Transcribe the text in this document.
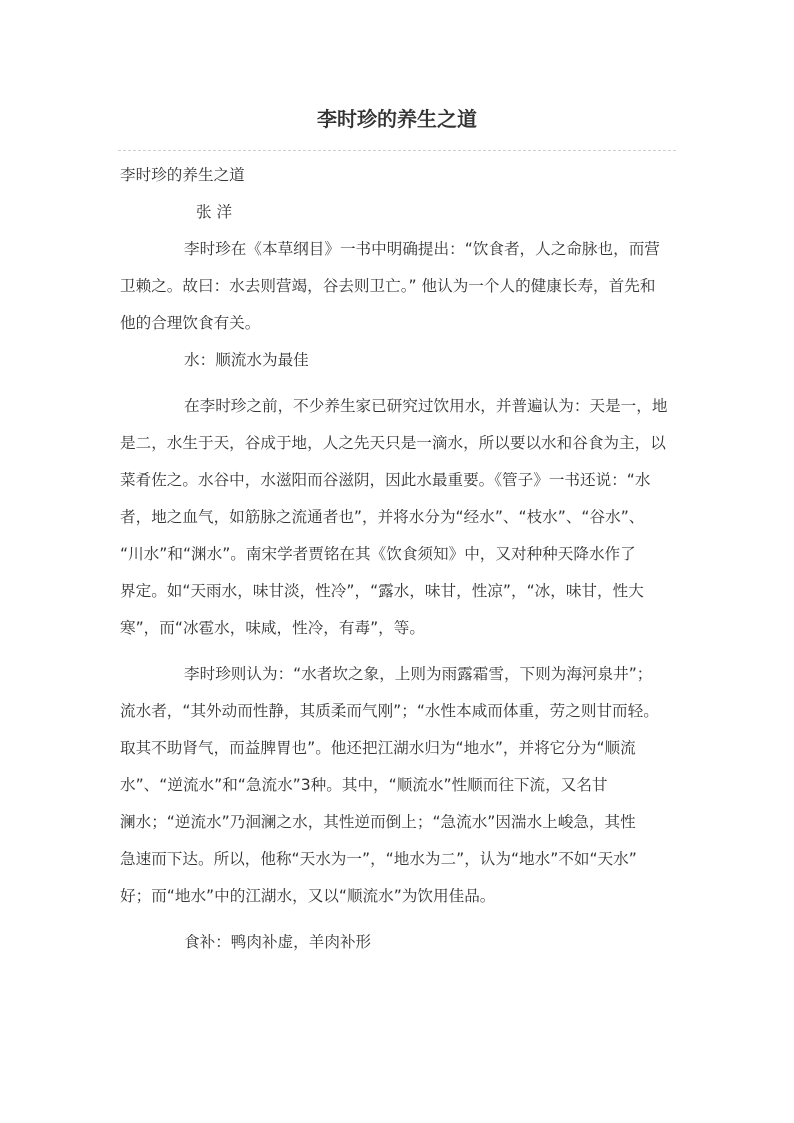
李时珍的养生之道
李时珍的养生之道
张 洋
李时珍在《本草纲目》一书中明确提出：“饮食者，人之命脉也，而营
卫赖之。故曰：水去则营竭，谷去则卫亡。” 他认为一个人的健康长寿，首先和
他的合理饮食有关。
水：顺流水为最佳
在李时珍之前，不少养生家已研究过饮用水，并普遍认为：天是一，地
是二，水生于天，谷成于地，人之先天只是一滴水，所以要以水和谷食为主，以
菜肴佐之。水谷中，水滋阳而谷滋阴，因此水最重要。《管子》一书还说：“水
者，地之血气，如筋脉之流通者也”，并将水分为“经水”、“枝水”、“谷水”、
“川水”和“渊水”。南宋学者贾铭在其《饮食须知》中，又对种种天降水作了
界定。如“天雨水，味甘淡，性冷”，“露水，味甘，性凉”，“冰，味甘，性大
寒”，而“冰雹水，味咸，性冷，有毒”，等。
李时珍则认为：“水者坎之象，上则为雨露霜雪，下则为海河泉井”；
流水者，“其外动而性静，其质柔而气刚”；“水性本咸而体重，劳之则甘而轻。
取其不助肾气，而益脾胃也”。他还把江湖水归为“地水”，并将它分为“顺流
水”、“逆流水”和“急流水”3种。其中，“顺流水”性顺而往下流，又名甘
澜水；“逆流水”乃洄澜之水，其性逆而倒上；“急流水”因湍水上峻急，其性
急速而下达。所以，他称“天水为一”，“地水为二”，认为“地水”不如“天水”
好；而“地水”中的江湖水，又以“顺流水”为饮用佳品。
食补：鸭肉补虚，羊肉补形
